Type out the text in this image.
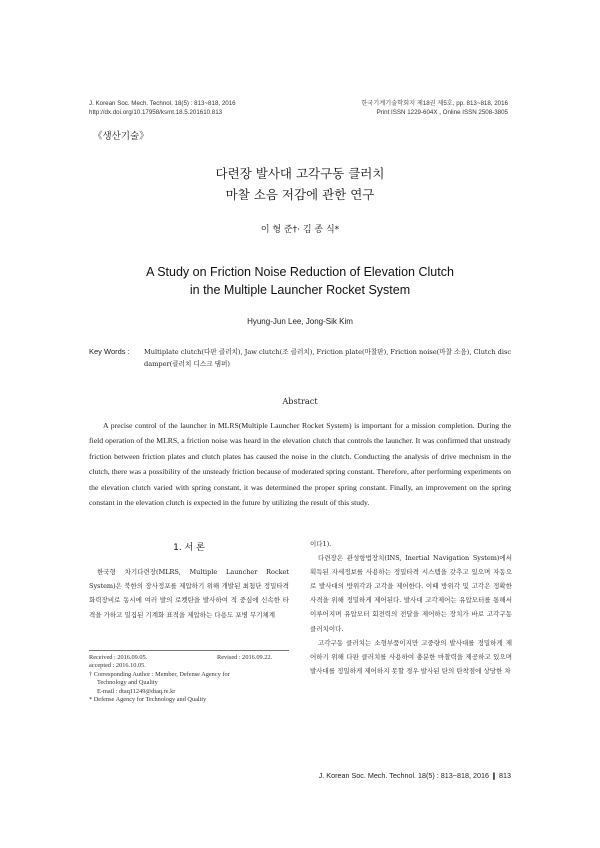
J. Korean Soc. Mech. Technol. 18(5) : 813~818, 2016
http://dx.doi.org/10.17958/ksmt.18.5.201610.813
한국기계기술학회지 제18권 제5호, pp. 813~818, 2016
Print ISSN 1229-604X , Online ISSN 2508-3805
《생산기술》
다련장 발사대 고각구동 클러치
마찰 소음 저감에 관한 연구
이 형 준†· 김 종 식*
A Study on Friction Noise Reduction of Elevation Clutch
in the Multiple Launcher Rocket System
Hyung-Jun Lee, Jong-Sik Kim
Key Words : Multiplate clutch(다판 클러치), Jaw clutch(조 클러치), Friction plate(마찰판), Friction noise(마찰 소음), Clutch disc damper(클러치 디스크 댐퍼)
Abstract
A precise control of the launcher in MLRS(Multiple Launcher Rocket System) is important for a mission completion. During the field operation of the MLRS, a friction noise was heard in the elevation clutch that controls the launcher. It was confirmed that unsteady friction between friction plates and clutch plates has caused the noise in the clutch. Conducting the analysis of drive mechnism in the clutch, there was a possibility of the unsteady friction because of moderated spring constant. Therefore, after performing experiments on the elevation clutch varied with spring constant, it was determined the proper spring constant. Finally, an improvement on the spring constant in the elevation clutch is expected in the future by utilizing the result of this study.
1. 서 론

한국형 차기다련장(MLRS, Multiple Launcher Rocket System)은 북한의 장사정포를 제압하기 위해 개발된 최첨단 정밀타격 화력장비로 동시에 여러 발의 로켓탄을 발사하여 적 중심에 신속한 타격을 가하고 밀집된 기계화 표적을 제압하는 다용도 포병 무기체계

Received : 2016.09.05.	Revised : 2016.09.22.
accepted : 2016.10.05.
† Corresponding Author : Member, Defense Agency for
Technology and Quality
E-mail : dtaq11249@dtaq.re.kr
* Defense Agency for Technology and Quality

이다1).

다련장은 관성항법장치(INS, Inertial Navigation System)에서 획득된 자세정보를 사용하는 정밀타격 시스템을 갖추고 있으며 자동으로 발사대의 방위각과 고각을 제어한다. 이때 방위각 및 고각은 정확한 사격을 위해 정밀하게 제어된다. 발사대 고각제어는 유압모터를 통해서 이루어지며 유압모터 회전력의 전달을 제어하는 장치가 바로 고각구동 클러치이다.

고각구동 클러치는 소형부품이지만 고중량의 발사대를 정밀하게 제어하기 위해 다판 클러치를 사용하여 충분한 마찰력을 제공하고 있으며 발사대를 정밀하게 제어하지 못할 경우 발사된 탄의 탄착점에 상당한 차

J. Korean Soc. Mech. Technol. 18(5) : 813~818, 2016 ❙ 813
